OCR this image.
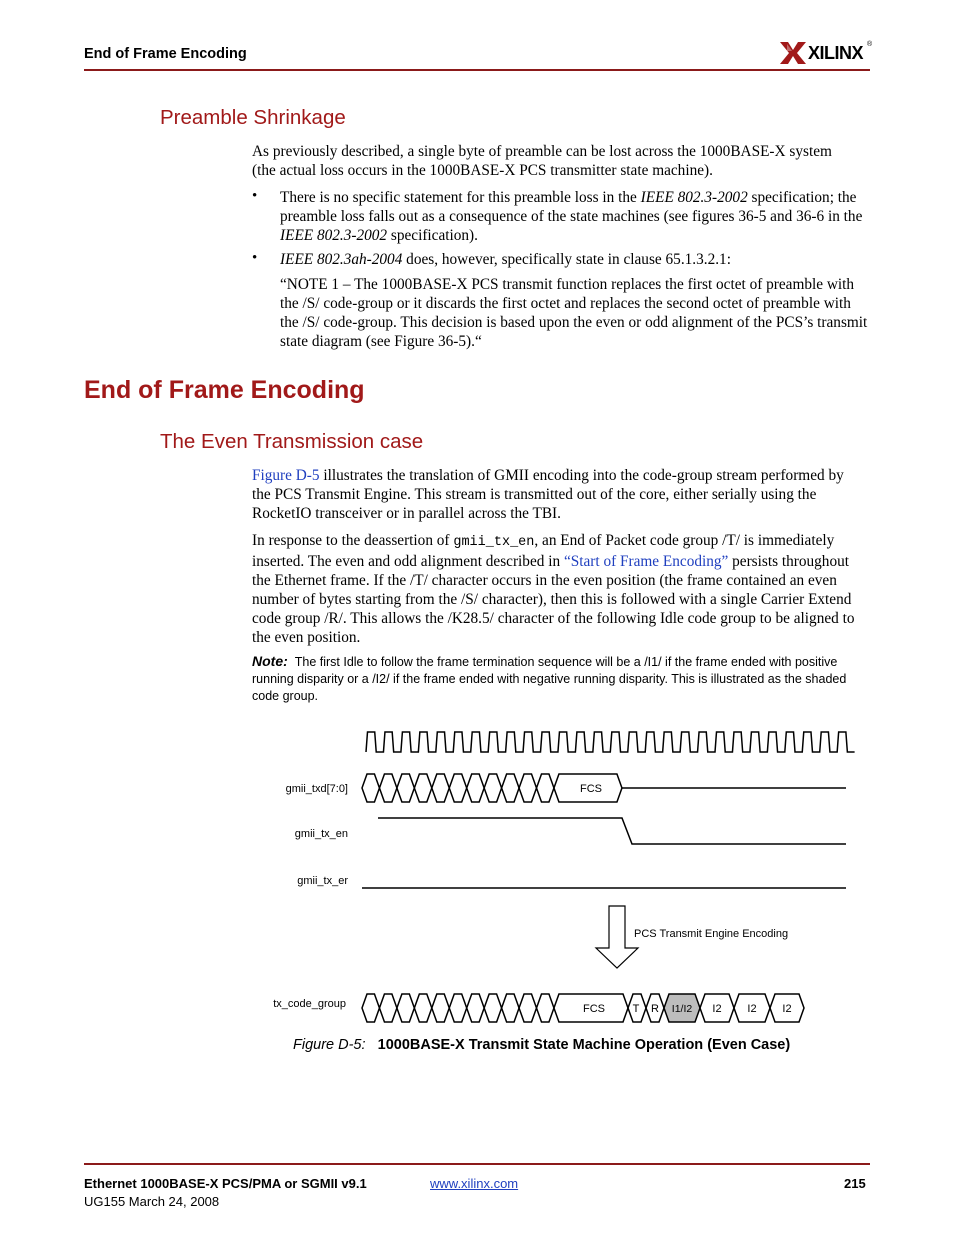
End of Frame Encoding	XILINX ®
Preamble Shrinkage
As previously described, a single byte of preamble can be lost across the 1000BASE-X system (the actual loss occurs in the 1000BASE-X PCS transmitter state machine).
• There is no specific statement for this preamble loss in the IEEE 802.3-2002 specification; the preamble loss falls out as a consequence of the state machines (see figures 36-5 and 36-6 in the IEEE 802.3-2002 specification).
• IEEE 802.3ah-2004 does, however, specifically state in clause 65.1.3.2.1:
“NOTE 1 – The 1000BASE-X PCS transmit function replaces the first octet of preamble with the /S/ code-group or it discards the first octet and replaces the second octet of preamble with the /S/ code-group. This decision is based upon the even or odd alignment of the PCS’s transmit state diagram (see Figure 36-5).“
End of Frame Encoding
The Even Transmission case
Figure D-5 illustrates the translation of GMII encoding into the code-group stream performed by the PCS Transmit Engine. This stream is transmitted out of the core, either serially using the RocketIO transceiver or in parallel across the TBI.
In response to the deassertion of gmii_tx_en, an End of Packet code group /T/ is immediately inserted. The even and odd alignment described in “Start of Frame Encoding” persists throughout the Ethernet frame. If the /T/ character occurs in the even position (the frame contained an even number of bytes starting from the /S/ character), then this is followed with a single Carrier Extend code group /R/. This allows the /K28.5/ character of the following Idle code group to be aligned to the even position.
Note: The first Idle to follow the frame termination sequence will be a /I1/ if the frame ended with positive running disparity or a /I2/ if the frame ended with negative running disparity. This is illustrated as the shaded code group.
gmii_txd[7:0]
gmii_tx_en
gmii_tx_er
tx_code_group
FCS
PCS Transmit Engine Encoding
FCS	T R I1/I2 I2 I2 I2
Figure D-5: 1000BASE-X Transmit State Machine Operation (Even Case)
Ethernet 1000BASE-X PCS/PMA or SGMII v9.1
UG155 March 24, 2008
www.xilinx.com	215
